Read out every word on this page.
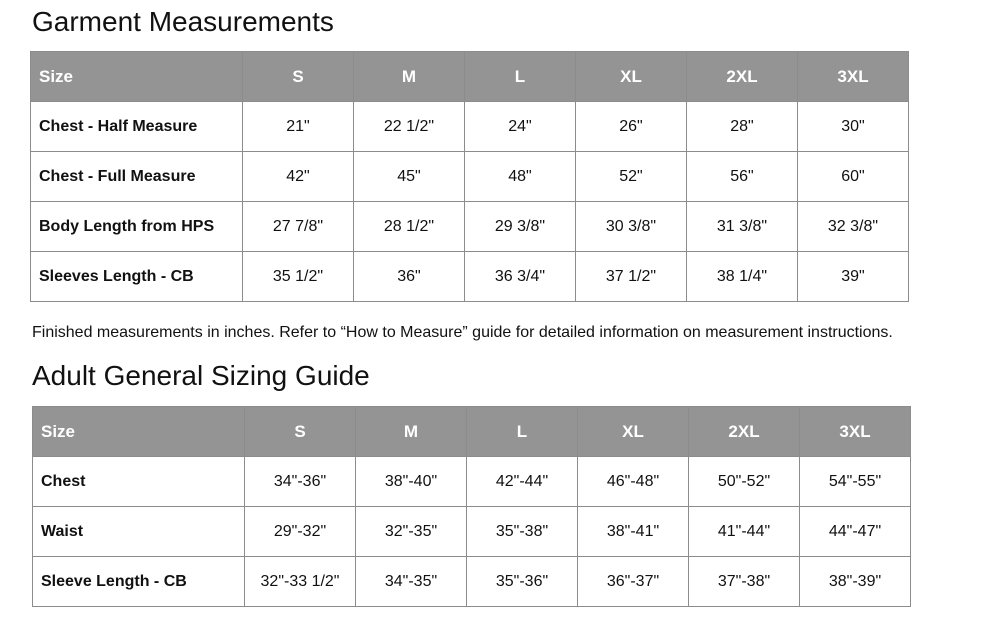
Garment Measurements
Size	S	M	L	XL	2XL	3XL
Chest - Half Measure	21"	22 1/2"	24"	26"	28"	30"
Chest - Full Measure	42"	45"	48"	52"	56"	60"
Body Length from HPS	27 7/8"	28 1/2"	29 3/8"	30 3/8"	31 3/8"	32 3/8"
Sleeves Length - CB	35 1/2"	36"	36 3/4"	37 1/2"	38 1/4"	39"
Finished measurements in inches. Refer to “How to Measure” guide for detailed information on measurement instructions.
Adult General Sizing Guide
Size	S	M	L	XL	2XL	3XL
Chest	34"-36"	38"-40"	42"-44"	46"-48"	50"-52"	54"-55"
Waist	29"-32"	32"-35"	35"-38"	38"-41"	41"-44"	44"-47"
Sleeve Length - CB	32"-33 1/2"	34"-35"	35"-36"	36"-37"	37"-38"	38"-39"
